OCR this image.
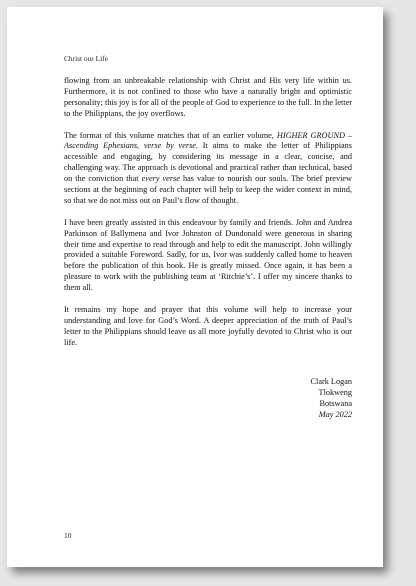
Christ our Life

flowing from an unbreakable relationship with Christ and His very life within us. Furthermore, it is not confined to those who have a naturally bright and optimistic personality; this joy is for all of the people of God to experience to the full. In the letter to the Philippians, the joy overflows.

The format of this volume matches that of an earlier volume, HIGHER GROUND – Ascending Ephesians, verse by verse. It aims to make the letter of Philippians accessible and engaging, by considering its message in a clear, concise, and challenging way. The approach is devotional and practical rather than technical, based on the conviction that every verse has value to nourish our souls. The brief preview sections at the beginning of each chapter will help to keep the wider context in mind, so that we do not miss out on Paul’s flow of thought.

I have been greatly assisted in this endeavour by family and friends. John and Andrea Parkinson of Ballymena and Ivor Johnston of Dundonald were generous in sharing their time and expertise to read through and help to edit the manuscript. John willingly provided a suitable Foreword. Sadly, for us, Ivor was suddenly called home to heaven before the publication of this book. He is greatly missed. Once again, it has been a pleasure to work with the publishing team at ‘Ritchie’s’. I offer my sincere thanks to them all.

It remains my hope and prayer that this volume will help to increase your understanding and love for God’s Word. A deeper appreciation of the truth of Paul’s letter to the Philippians should leave us all more joyfully devoted to Christ who is our life.

Clark Logan
Tlokweng
Botswana
May 2022
10
